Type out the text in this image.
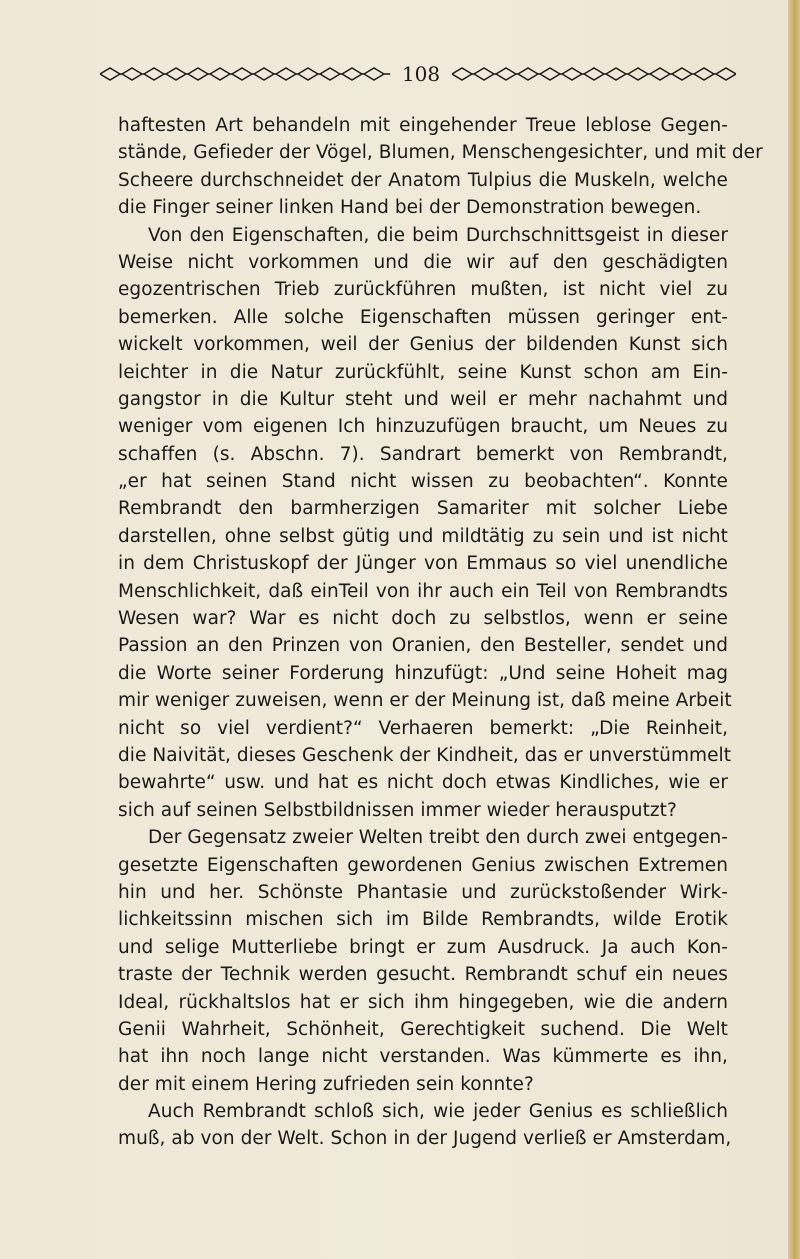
108
haftesten Art behandeln mit eingehender Treue leblose Gegen-
stände, Gefieder der Vögel, Blumen, Menschengesichter, und mit der
Scheere durchschneidet der Anatom Tulpius die Muskeln, welche
die Finger seiner linken Hand bei der Demonstration bewegen.
Von den Eigenschaften, die beim Durchschnittsgeist in dieser
Weise nicht vorkommen und die wir auf den geschädigten
egozentrischen Trieb zurückführen mußten, ist nicht viel zu
bemerken. Alle solche Eigenschaften müssen geringer ent-
wickelt vorkommen, weil der Genius der bildenden Kunst sich
leichter in die Natur zurückfühlt, seine Kunst schon am Ein-
gangstor in die Kultur steht und weil er mehr nachahmt und
weniger vom eigenen Ich hinzuzufügen braucht, um Neues zu
schaffen (s. Abschn. 7). Sandrart bemerkt von Rembrandt,
„er hat seinen Stand nicht wissen zu beobachten“. Konnte
Rembrandt den barmherzigen Samariter mit solcher Liebe
darstellen, ohne selbst gütig und mildtätig zu sein und ist nicht
in dem Christuskopf der Jünger von Emmaus so viel unendliche
Menschlichkeit, daß einTeil von ihr auch ein Teil von Rembrandts
Wesen war? War es nicht doch zu selbstlos, wenn er seine
Passion an den Prinzen von Oranien, den Besteller, sendet und
die Worte seiner Forderung hinzufügt: „Und seine Hoheit mag
mir weniger zuweisen, wenn er der Meinung ist, daß meine Arbeit
nicht so viel verdient?“ Verhaeren bemerkt: „Die Reinheit,
die Naivität, dieses Geschenk der Kindheit, das er unverstümmelt
bewahrte“ usw. und hat es nicht doch etwas Kindliches, wie er
sich auf seinen Selbstbildnissen immer wieder herausputzt?
Der Gegensatz zweier Welten treibt den durch zwei entgegen-
gesetzte Eigenschaften gewordenen Genius zwischen Extremen
hin und her. Schönste Phantasie und zurückstoßender Wirk-
lichkeitssinn mischen sich im Bilde Rembrandts, wilde Erotik
und selige Mutterliebe bringt er zum Ausdruck. Ja auch Kon-
traste der Technik werden gesucht. Rembrandt schuf ein neues
Ideal, rückhaltslos hat er sich ihm hingegeben, wie die andern
Genii Wahrheit, Schönheit, Gerechtigkeit suchend. Die Welt
hat ihn noch lange nicht verstanden. Was kümmerte es ihn,
der mit einem Hering zufrieden sein konnte?
Auch Rembrandt schloß sich, wie jeder Genius es schließlich
muß, ab von der Welt. Schon in der Jugend verließ er Amsterdam,
